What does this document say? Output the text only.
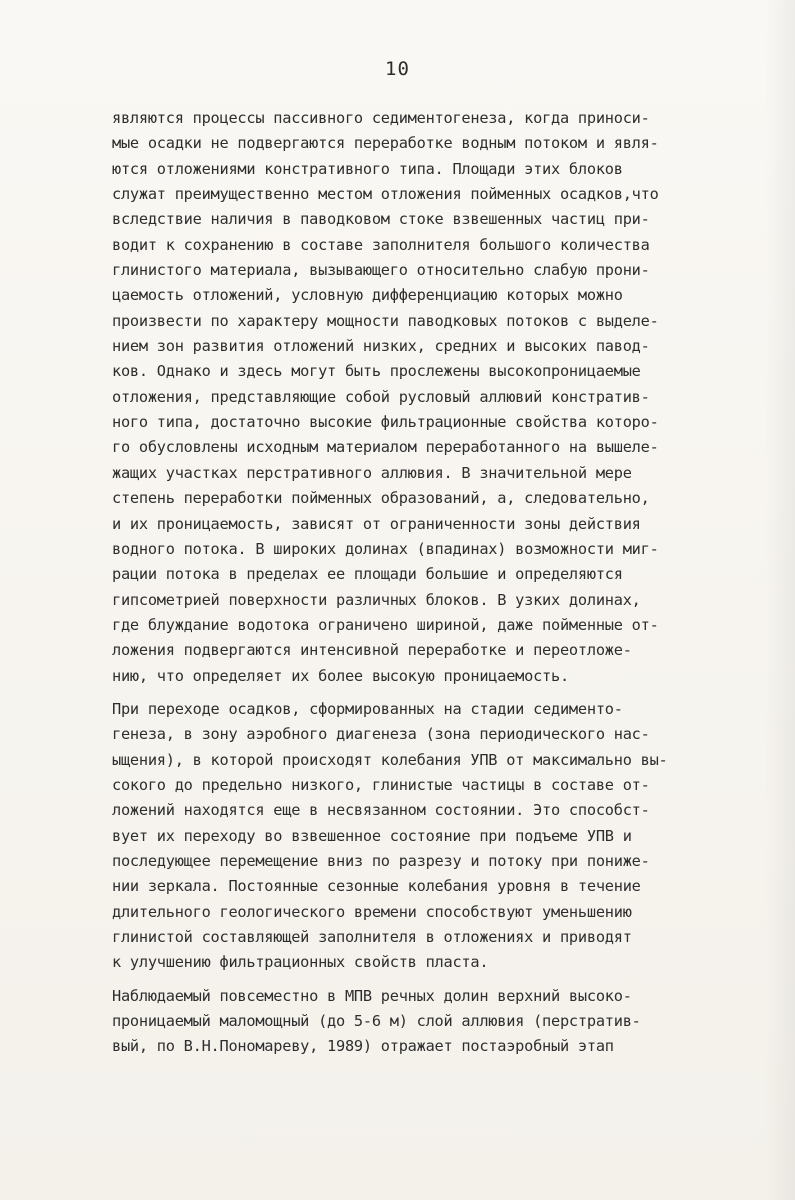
10
являются процессы пассивного седиментогенеза, когда приноси-
мые осадки не подвергаются переработке водным потоком и явля-
ются отложениями констративного типа. Площади этих блоков
служат преимущественно местом отложения пойменных осадков,что
вследствие наличия в паводковом стоке взвешенных частиц при-
водит к сохранению в составе заполнителя большого количества
глинистого материала, вызывающего относительно слабую прони-
цаемость отложений, условную дифференциацию которых можно
произвести по характеру мощности паводковых потоков с выделе-
нием зон развития отложений низких, средних и высоких павод-
ков. Однако и здесь могут быть прослежены высокопроницаемые
отложения, представляющие собой русловый аллювий констратив-
ного типа, достаточно высокие фильтрационные свойства которо-
го обусловлены исходным материалом переработанного на вышеле-
жащих участках перстративного аллювия. В значительной мере
степень переработки пойменных образований, а, следовательно,
и их проницаемость, зависят от ограниченности зоны действия
водного потока. В широких долинах (впадинах) возможности миг-
рации потока в пределах ее площади большие и определяются
гипсометрией поверхности различных блоков. В узких долинах,
где блуждание водотока ограничено шириной, даже пойменные от-
ложения подвергаются интенсивной переработке и переотложе-
нию, что определяет их более высокую проницаемость.
При переходе осадков, сформированных на стадии седименто-
генеза, в зону аэробного диагенеза (зона периодического нас-
ыщения), в которой происходят колебания УПВ от максимально вы-
сокого до предельно низкого, глинистые частицы в составе от-
ложений находятся еще в несвязанном состоянии. Это способст-
вует их переходу во взвешенное состояние при подъеме УПВ и
последующее перемещение вниз по разрезу и потоку при пониже-
нии зеркала. Постоянные сезонные колебания уровня в течение
длительного геологического времени способствуют уменьшению
глинистой составляющей заполнителя в отложениях и приводят
к улучшению фильтрационных свойств пласта.
Наблюдаемый повсеместно в МПВ речных долин верхний высоко-
проницаемый маломощный (до 5-6 м) слой аллювия (перстратив-
вый, по В.Н.Пономареву, 1989) отражает постаэробный этап
